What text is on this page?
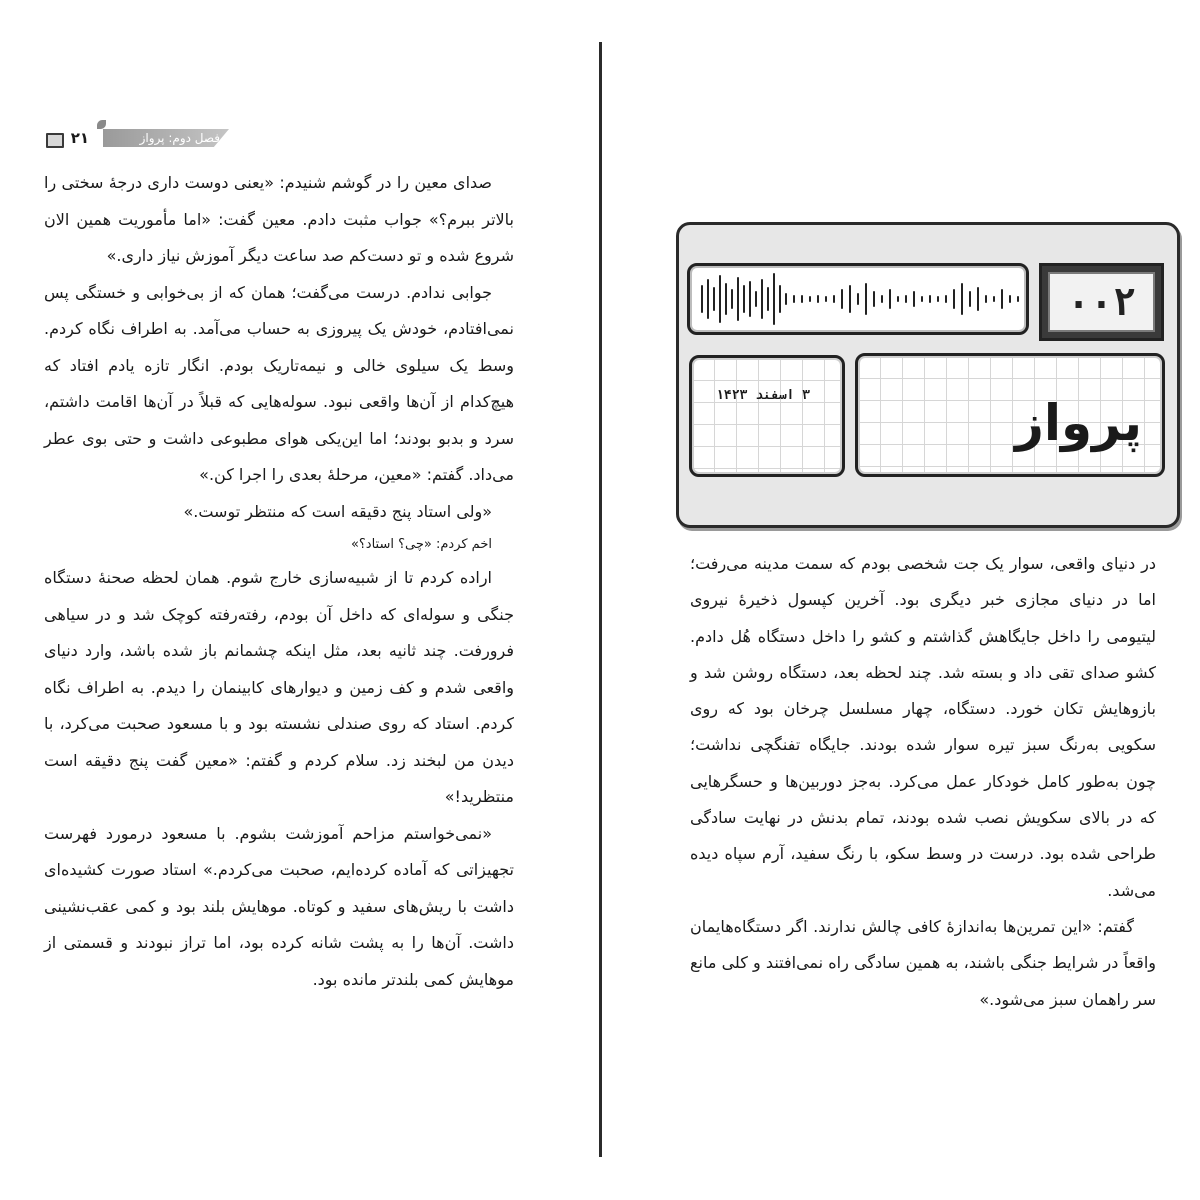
فصل دوم: پرواز
۲۱

صدای معین را در گوشم شنیدم: «یعنی دوست داری درجهٔ سختی را بالاتر ببرم؟» جواب مثبت دادم. معین گفت: «اما مأموریت همین الان شروع شده و تو دست‌کم صد ساعت دیگر آموزش نیاز داری.»

جوابی ندادم. درست می‌گفت؛ همان که از بی‌خوابی و خستگی پس نمی‌افتادم، خودش یک پیروزی به حساب می‌آمد. به اطراف نگاه کردم. وسط یک سیلوی خالی و نیمه‌تاریک بودم. انگار تازه یادم افتاد که هیچ‌کدام از آن‌ها واقعی نبود. سوله‌هایی که قبلاً در آن‌ها اقامت داشتم، سرد و بدبو بودند؛ اما این‌یکی هوای مطبوعی داشت و حتی بوی عطر می‌داد. گفتم: «معین، مرحلهٔ بعدی را اجرا کن.»

«ولی استاد پنج دقیقه است که منتظر توست.»

اخم کردم: «چی؟ استاد؟»

اراده کردم تا از شبیه‌سازی خارج شوم. همان لحظه صحنهٔ دستگاه جنگی و سوله‌ای که داخل آن بودم، رفته‌رفته کوچک شد و در سیاهی فرورفت. چند ثانیه بعد، مثل اینکه چشمانم باز شده باشد، وارد دنیای واقعی شدم و کف زمین و دیوارهای کابینمان را دیدم. به اطراف نگاه کردم. استاد که روی صندلی نشسته بود و با مسعود صحبت می‌کرد، با دیدن من لبخند زد. سلام کردم و گفتم: «معین گفت پنج دقیقه است منتظرید!»

«نمی‌خواستم مزاحم آموزشت بشوم. با مسعود درمورد فهرست تجهیزاتی که آماده کرده‌ایم، صحبت می‌کردم.» استاد صورت کشیده‌ای داشت با ریش‌های سفید و کوتاه. موهایش بلند بود و کمی عقب‌نشینی داشت. آن‌ها را به پشت شانه کرده بود، اما تراز نبودند و قسمتی از موهایش کمی بلندتر مانده بود.

۰۰۲
۳ اسفند ۱۴۲۳	پرواز

در دنیای واقعی، سوار یک جت شخصی بودم که سمت مدینه می‌رفت؛ اما در دنیای مجازی خبر دیگری بود. آخرین کپسول ذخیرهٔ نیروی لیتیومی را داخل جایگاهش گذاشتم و کشو را داخل دستگاه هُل دادم. کشو صدای تقی داد و بسته شد. چند لحظه بعد، دستگاه روشن شد و بازوهایش تکان خورد. دستگاه، چهار مسلسل چرخان بود که روی سکویی به‌رنگ سبز تیره سوار شده بودند. جایگاه تفنگچی نداشت؛ چون به‌طور کامل خودکار عمل می‌کرد. به‌جز دوربین‌ها و حسگرهایی که در بالای سکویش نصب شده بودند، تمام بدنش در نهایت سادگی طراحی شده بود. درست در وسط سکو، با رنگ سفید، آرم سپاه دیده می‌شد.

گفتم: «این تمرین‌ها به‌اندازهٔ کافی چالش ندارند. اگر دستگاه‌هایمان واقعاً در شرایط جنگی باشند، به همین سادگی راه نمی‌افتند و کلی مانع سر راهمان سبز می‌شود.»
